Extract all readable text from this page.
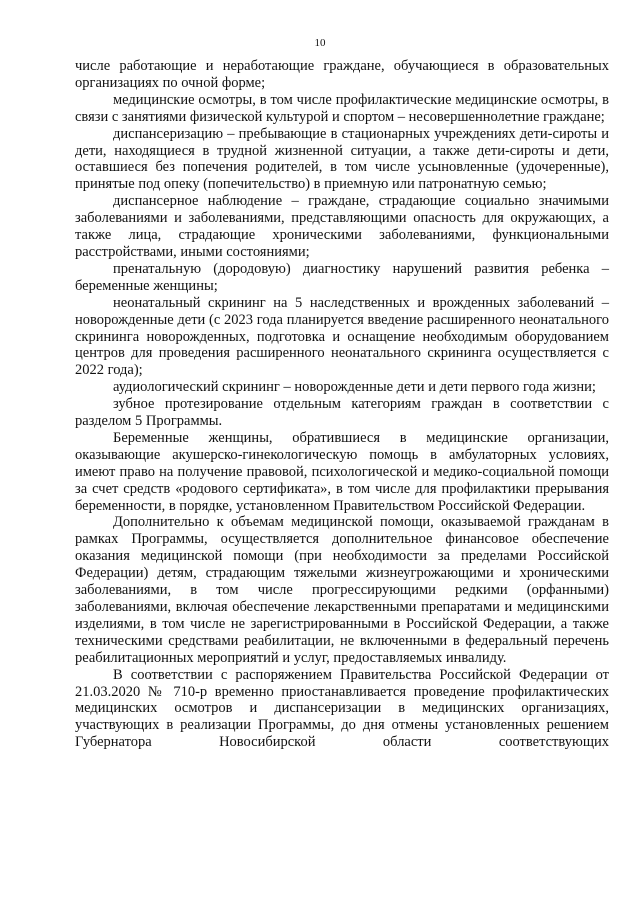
10

числе работающие и неработающие граждане, обучающиеся в образовательных организациях по очной форме;

медицинские осмотры, в том числе профилактические медицинские осмотры, в связи с занятиями физической культурой и спортом – несовершеннолетние граждане;

диспансеризацию – пребывающие в стационарных учреждениях дети-сироты и дети, находящиеся в трудной жизненной ситуации, а также дети-сироты и дети, оставшиеся без попечения родителей, в том числе усыновленные (удочеренные), принятые под опеку (попечительство) в приемную или патронатную семью;

диспансерное наблюдение – граждане, страдающие социально значимыми заболеваниями и заболеваниями, представляющими опасность для окружающих, а также лица, страдающие хроническими заболеваниями, функциональными расстройствами, иными состояниями;

пренатальную (дородовую) диагностику нарушений развития ребенка – беременные женщины;

неонатальный скрининг на 5 наследственных и врожденных заболеваний – новорожденные дети (с 2023 года планируется введение расширенного неонатального скрининга новорожденных, подготовка и оснащение необходимым оборудованием центров для проведения расширенного неонатального скрининга осуществляется с 2022 года);

аудиологический скрининг – новорожденные дети и дети первого года жизни;

зубное протезирование отдельным категориям граждан в соответствии с разделом 5 Программы.

Беременные женщины, обратившиеся в медицинские организации, оказывающие акушерско-гинекологическую помощь в амбулаторных условиях, имеют право на получение правовой, психологической и медико-социальной помощи за счет средств «родового сертификата», в том числе для профилактики прерывания беременности, в порядке, установленном Правительством Российской Федерации.

Дополнительно к объемам медицинской помощи, оказываемой гражданам в рамках Программы, осуществляется дополнительное финансовое обеспечение оказания медицинской помощи (при необходимости за пределами Российской Федерации) детям, страдающим тяжелыми жизнеугрожающими и хроническими заболеваниями, в том числе прогрессирующими редкими (орфанными) заболеваниями, включая обеспечение лекарственными препаратами и медицинскими изделиями, в том числе не зарегистрированными в Российской Федерации, а также техническими средствами реабилитации, не включенными в федеральный перечень реабилитационных мероприятий и услуг, предоставляемых инвалиду.

В соответствии с распоряжением Правительства Российской Федерации от 21.03.2020 № 710-р временно приостанавливается проведение профилактических медицинских осмотров и диспансеризации в медицинских организациях, участвующих в реализации Программы, до дня отмены установленных решением Губернатора Новосибирской области соответствующих
